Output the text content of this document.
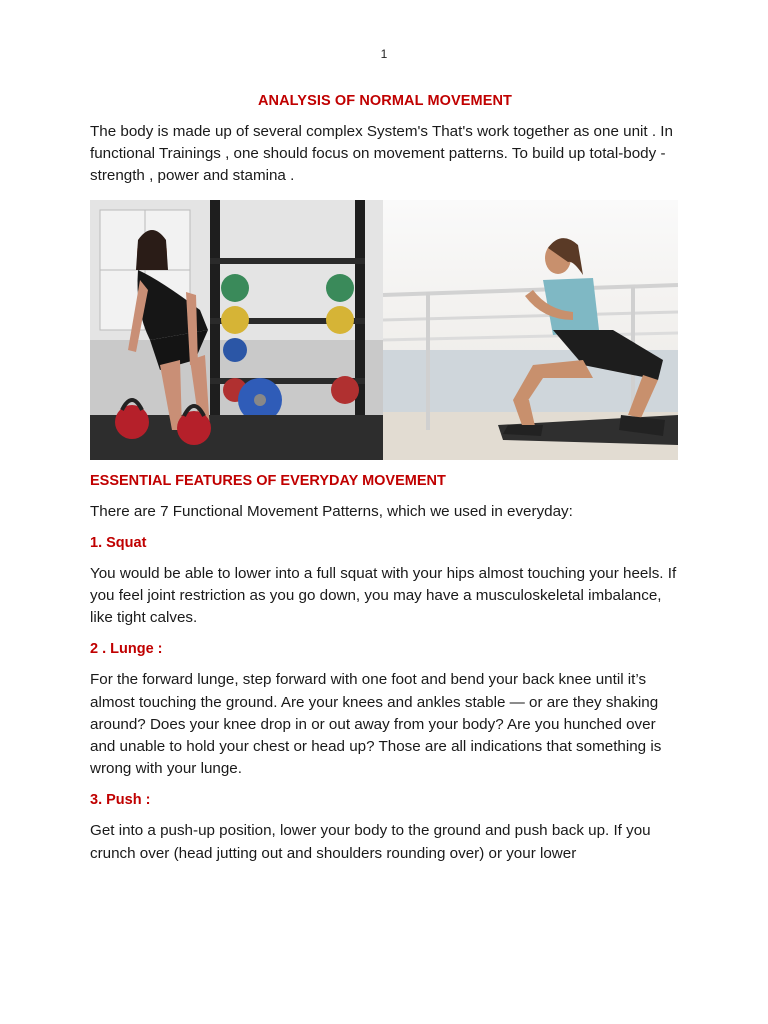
1
ANALYSIS OF NORMAL MOVEMENT

The body is made up of several complex System's That's work together as one unit . In functional Trainings , one should focus on movement patterns. To build up total-body -strength , power and stamina .

ESSENTIAL FEATURES OF EVERYDAY MOVEMENT

There are 7 Functional Movement Patterns, which we used in everyday:

1. Squat

You would be able to lower into a full squat with your hips almost touching your heels. If you feel joint restriction as you go down, you may have a musculoskeletal imbalance, like tight calves.

2 . Lunge :

For the forward lunge, step forward with one foot and bend your back knee until it’s almost touching the ground. Are your knees and ankles stable — or are they shaking around? Does your knee drop in or out away from your body? Are you hunched over and unable to hold your chest or head up? Those are all indications that something is wrong with your lunge.

3. Push :

Get into a push-up position, lower your body to the ground and push back up. If you crunch over (head jutting out and shoulders rounding over) or your lower
